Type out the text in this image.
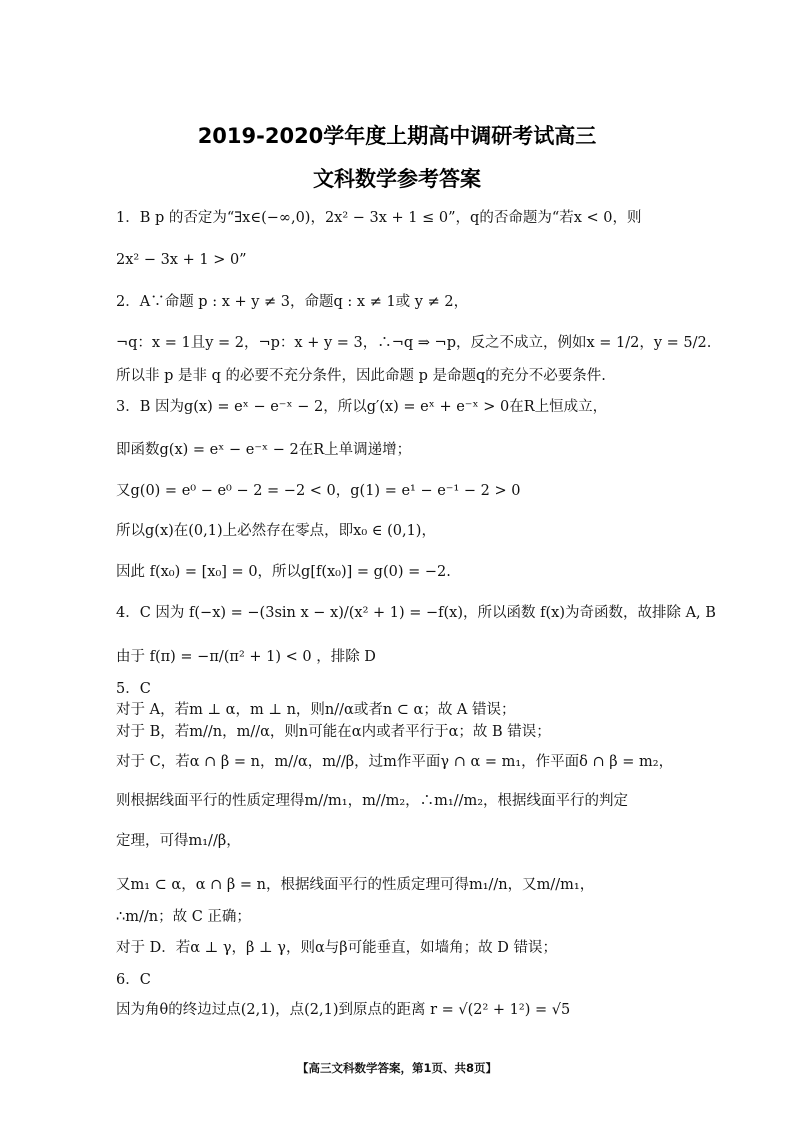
2019-2020学年度上期高中调研考试高三
文科数学参考答案
1．B p 的否定为“∃x∈(−∞,0)，2x² − 3x + 1 ≤ 0”，q的否命题为“若x < 0，则
2x² − 3x + 1 > 0”
2．A∵命题 p : x + y ≠ 3，命题q : x ≠ 1或 y ≠ 2，
¬q：x = 1且y = 2，¬p：x + y = 3，∴¬q ⇒ ¬p，反之不成立，例如x = 1/2，y = 5/2.
所以非 p 是非 q 的必要不充分条件，因此命题 p 是命题q的充分不必要条件.
3．B 因为g(x) = eˣ − e⁻ˣ − 2，所以g′(x) = eˣ + e⁻ˣ > 0在R上恒成立，
即函数g(x) = eˣ − e⁻ˣ − 2在R上单调递增；
又g(0) = e⁰ − e⁰ − 2 = −2 < 0，g(1) = e¹ − e⁻¹ − 2 > 0
所以g(x)在(0,1)上必然存在零点，即x₀ ∈ (0,1)，
因此 f(x₀) = [x₀] = 0，所以g[f(x₀)] = g(0) = −2.
4．C 因为 f(−x) = −(3sin x − x)/(x² + 1) = −f(x)，所以函数 f(x)为奇函数，故排除 A, B
由于 f(π) = −π/(π² + 1) < 0 ，排除 D
5．C
对于 A，若m ⊥ α，m ⊥ n，则n//α或者n ⊂ α；故 A 错误；
对于 B，若m//n，m//α，则n可能在α内或者平行于α；故 B 错误；
对于 C，若α ∩ β = n，m//α，m//β，过m作平面γ ∩ α = m₁，作平面δ ∩ β = m₂，
则根据线面平行的性质定理得m//m₁，m//m₂，∴m₁//m₂，根据线面平行的判定
定理，可得m₁//β，
又m₁ ⊂ α，α ∩ β = n，根据线面平行的性质定理可得m₁//n，又m//m₁，
∴m//n；故 C 正确；
对于 D．若α ⊥ γ，β ⊥ γ，则α与β可能垂直，如墙角；故 D 错误；
6．C
因为角θ的终边过点(2,1)，点(2,1)到原点的距离 r = √(2² + 1²) = √5
【高三文科数学答案，第1页、共8页】
